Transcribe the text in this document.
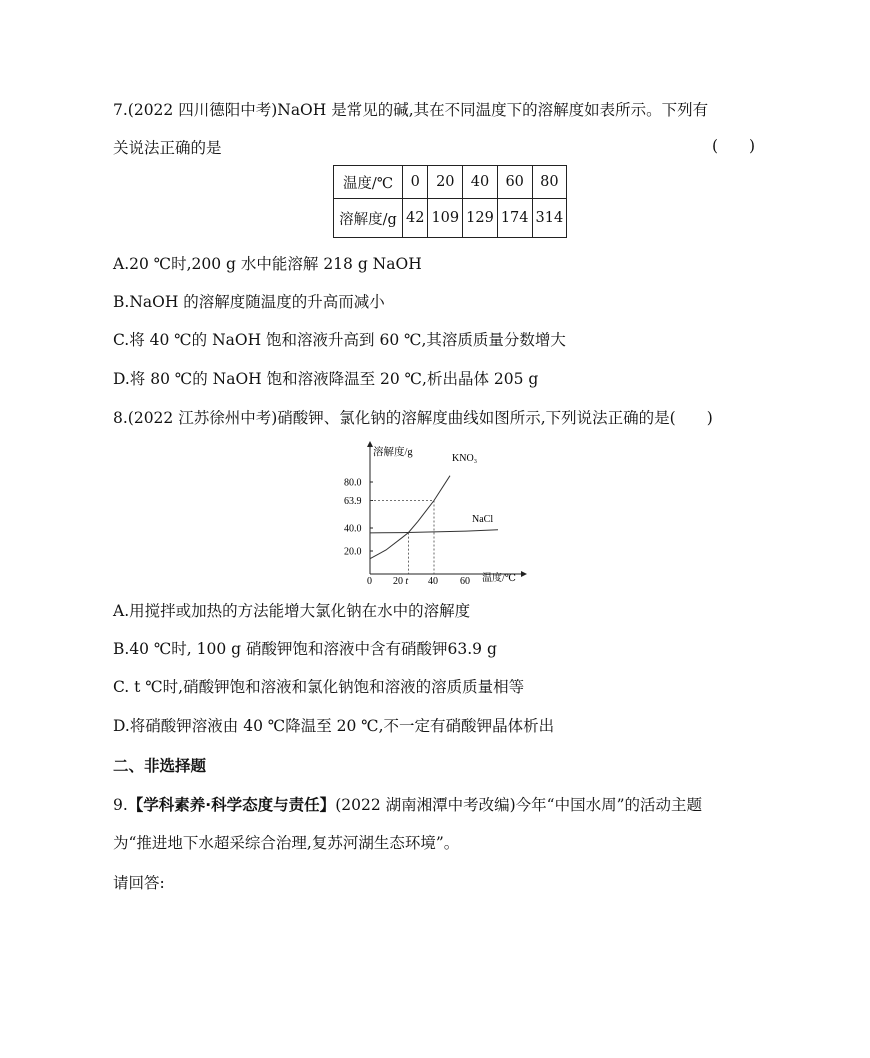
7.(2022 四川德阳中考)NaOH 是常见的碱,其在不同温度下的溶解度如表所示。下列有
关说法正确的是	(  )
温度/℃	0	20	40	60	80
溶解度/g	42	109	129	174	314
A.20 ℃时,200 g 水中能溶解 218 g NaOH
B.NaOH 的溶解度随温度的升高而减小
C.将 40 ℃的 NaOH 饱和溶液升高到 60 ℃,其溶质质量分数增大
D.将 80 ℃的 NaOH 饱和溶液降温至 20 ℃,析出晶体 205 g
8.(2022 江苏徐州中考)硝酸钾、氯化钠的溶解度曲线如图所示,下列说法正确的是(  )
溶解度/g
温度/℃
80.0
63.9
40.0
20.0
0 20 t 40 60
KNO₃
NaCl
A.用搅拌或加热的方法能增大氯化钠在水中的溶解度
B.40 ℃时, 100 g 硝酸钾饱和溶液中含有硝酸钾63.9 g
C. t ℃时,硝酸钾饱和溶液和氯化钠饱和溶液的溶质质量相等
D.将硝酸钾溶液由 40 ℃降温至 20 ℃,不一定有硝酸钾晶体析出
二、非选择题
9.【学科素养·科学态度与责任】(2022 湖南湘潭中考改编)今年“中国水周”的活动主题
为“推进地下水超采综合治理,复苏河湖生态环境”。
请回答:
